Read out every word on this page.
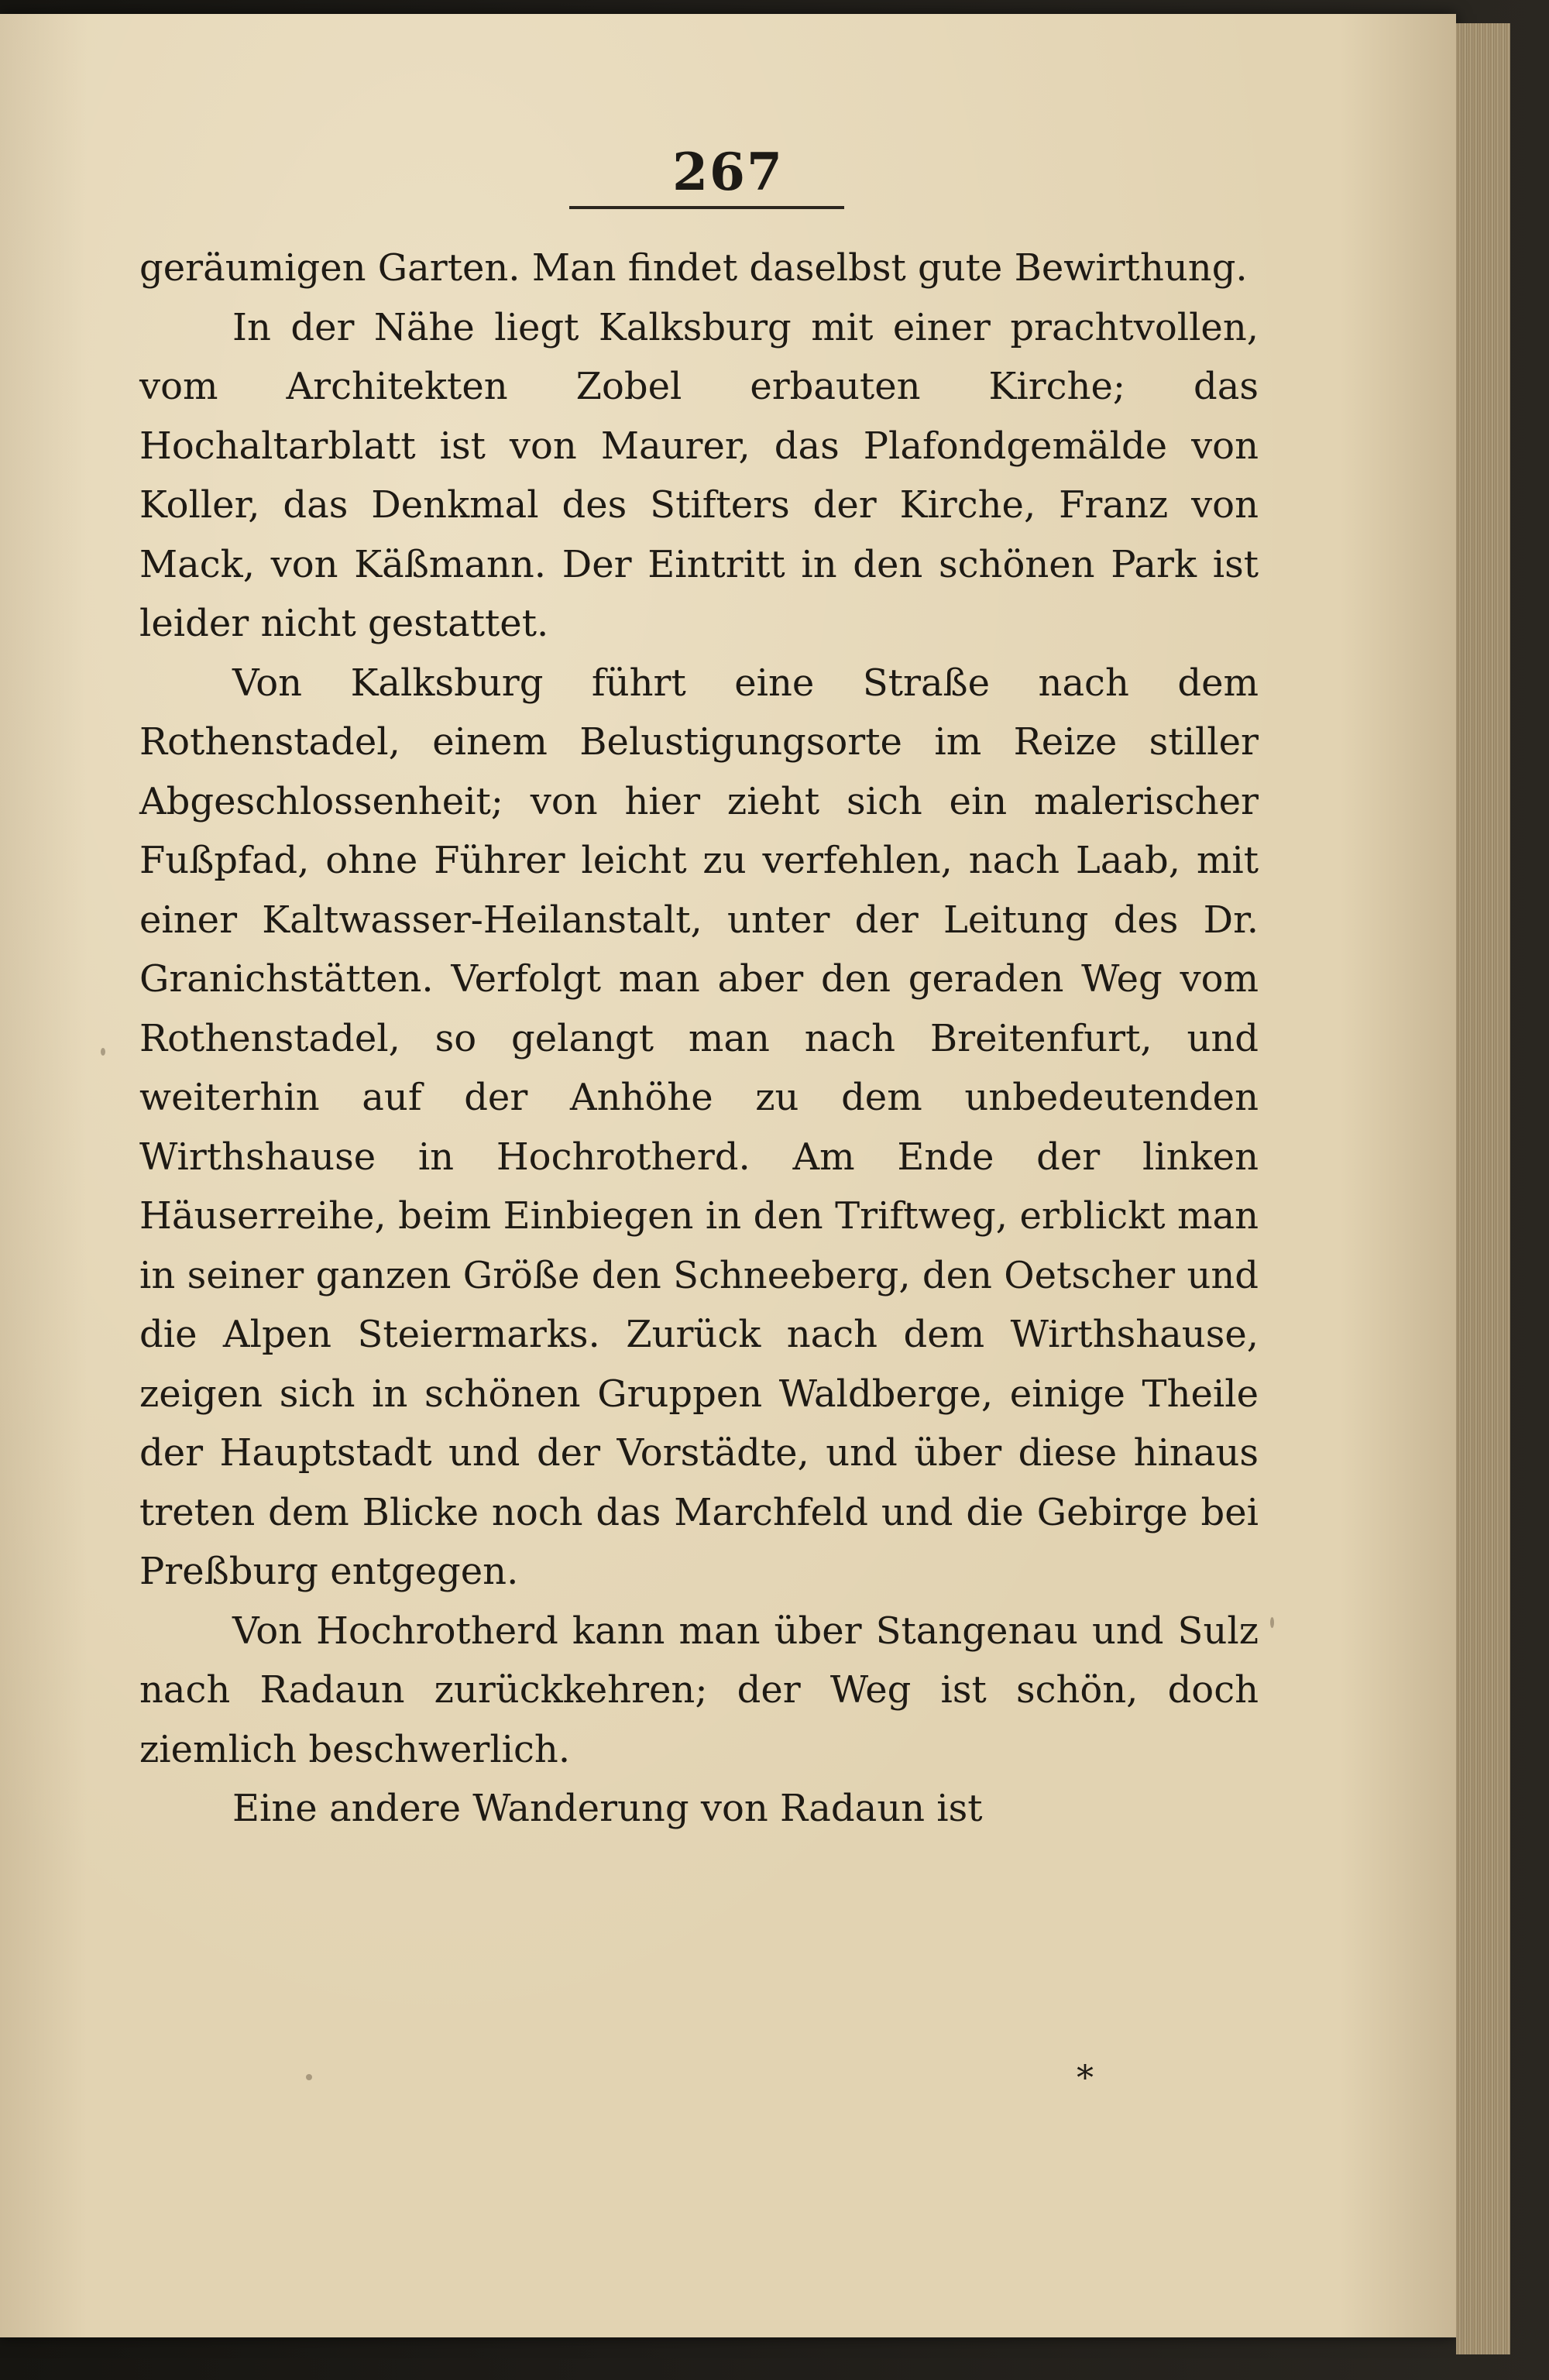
267

geräumigen Garten. Man findet daselbst gute Bewirthung.

In der Nähe liegt Kalksburg mit einer prachtvollen, vom Architekten Zobel erbauten Kirche; das Hochaltarblatt ist von Maurer, das Plafondgemälde von Koller, das Denkmal des Stifters der Kirche, Franz von Mack, von Käßmann. Der Eintritt in den schönen Park ist leider nicht gestattet.

Von Kalksburg führt eine Straße nach dem Rothenstadel, einem Belustigungsorte im Reize stiller Abgeschlossenheit; von hier zieht sich ein malerischer Fußpfad, ohne Führer leicht zu verfehlen, nach Laab, mit einer Kaltwasser-Heilanstalt, unter der Leitung des Dr. Granichstätten. Verfolgt man aber den geraden Weg vom Rothenstadel, so gelangt man nach Breitenfurt, und weiterhin auf der Anhöhe zu dem unbedeutenden Wirthshause in Hochrotherd. Am Ende der linken Häuserreihe, beim Einbiegen in den Triftweg, erblickt man in seiner ganzen Größe den Schneeberg, den Oetscher und die Alpen Steiermarks. Zurück nach dem Wirthshause, zeigen sich in schönen Gruppen Waldberge, einige Theile der Hauptstadt und der Vorstädte, und über diese hinaus treten dem Blicke noch das Marchfeld und die Gebirge bei Preßburg entgegen.

Von Hochrotherd kann man über Stangenau und Sulz nach Radaun zurückkehren; der Weg ist schön, doch ziemlich beschwerlich.

Eine andere Wanderung von Radaun ist

*
